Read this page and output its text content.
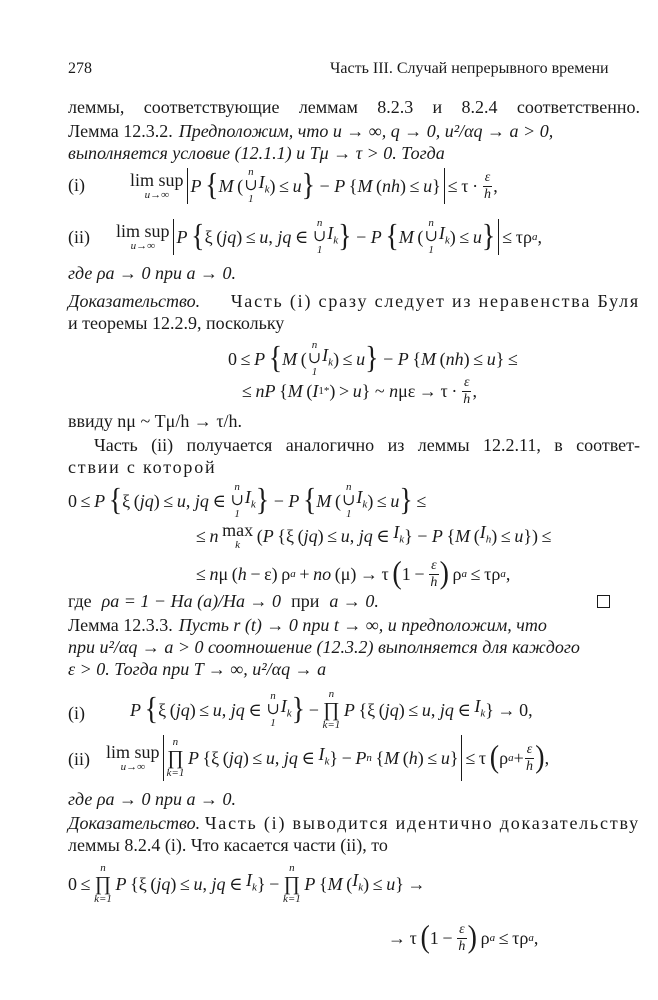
278	Часть III. Случай непрерывного времени
леммы, соответствующие леммам 8.2.3 и 8.2.4 соответственно.
Лемма 12.3.2. Предположим, что u → ∞, q → 0, u²/αq → a > 0,
выполняется условие (12.1.1) и Tμ → τ > 0. Тогда
(i)	lim sup
u→∞ P
  { M  (
n
∪
1
$I_k$ ) ≤  u } − P  { M  ( nh ) ≤  u }
≤ $\tau \cdot \frac{\varepsilon}{h}$ ,
(ii) lim sup
u→∞ P
  { ξ ( jq ) ≤  u , jq  ∈ 
n
∪
1
$I_k$ } − P
  { M  (
n
∪
1
$I_k$ ) ≤  u } ≤ τρ a ,
где ρa → 0 при a → 0.
Доказательство. Часть (i) сразу следует из неравенства Буля
и теоремы 12.2.9, поскольку
0 ≤  P
  { M  (
n
∪
1
$I_k$ ) ≤  u } − P  { M  ( nh ) ≤  u } ≤
≤  nP  { M  ( I 1 * ) >  u } ~ n $\mu\varepsilon \to \tau \cdot \frac{\varepsilon}{h}$ ,
ввиду nμ ~ Tμ/h → τ/h.
Часть (ii) получается аналогично из леммы 12.2.11, в соответ-
ствии с которой
0 ≤  P
  { ξ ( jq ) ≤  u , jq  ∈ 
n
∪
1
$I_k$ } − P
  { M  (
n
∪
1
$I_k$ ) ≤  u }  ≤
≤  n
  max
k  ( P  {ξ ( jq ) ≤  u , jq  ∈  $I_k$ } − P  { M  ( $I_h$ ) ≤  u }) ≤
≤  n μ ( h  − ε) ρ a  +  no  (μ) → τ  ( $1 - \frac{\varepsilon}{h}$ )  ρ a  ≤ τρ a ,
где ρa = 1 − Ha (a)/Ha → 0 при a → 0.
Лемма 12.3.3. Пусть r (t) → 0 при t → ∞, и предположим, что
при u²/αq → a > 0 соотношение (12.3.2) выполняется для каждого
ε > 0. Тогда при T → ∞, u²/αq → a
(i)	P
  { ξ ( jq ) ≤  u , jq  ∈ 
n
∪
1
$I_k$ }  − 
n
∏
k=1

P  {ξ ( jq ) ≤  u , jq  ∈  $I_k$ } → 0,
(ii) lim sup
u→∞
n
∏
k=1

P  {ξ ( jq ) ≤  u , jq  ∈  $I_k$ } −  P n  { M  ( h ) ≤  u }
≤ τ  ( ρ $a + \frac{\varepsilon}{h}$ ) ,
где ρa → 0 при a → 0.
Доказательство. Часть (i) выводится идентично доказательству
леммы 8.2.4 (i). Что касается части (ii), то
0 ≤ 
n
∏
k=1

P  {ξ ( jq ) ≤  u , jq  ∈  $I_k$ } − 
n
∏
k=1

P  { M  ( $I_k$ ) ≤  u } →
→ τ  ( $1 - \frac{\varepsilon}{h}$ )  ρ a  ≤ τρ a ,
